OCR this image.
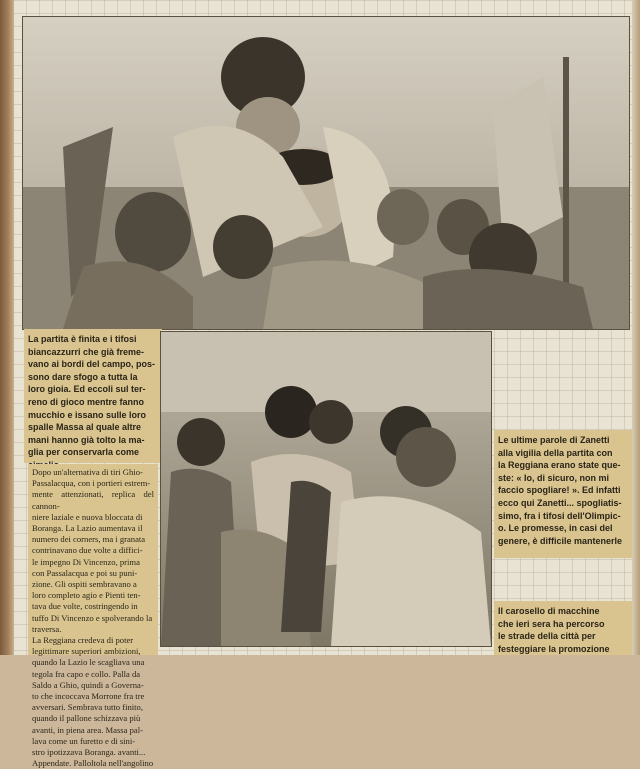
La partita è finita e i tifosi
biancazzurri che già freme-
vano ai bordi del campo, pos-
sono dare sfogo a tutta la
loro gioia. Ed eccoli sul ter-
reno di gioco mentre fanno
mucchio e issano sulle loro
spalle Massa al quale altre
mani hanno già tolto la ma-
glia per conservarla come

Dopo un'alternativa di tiri Ghio-
Passalacqua, con i portieri estrem-
mente attenzionati, replica del cannon-
niere laziale e nuova bloccata di
Boranga. La Lazio aumentava il
numero dei corners, ma i granata
contrinavano due volte a diffici-
le impegno Di Vincenzo, prima
con Passalacqua e poi su puni-
zione. Gli ospiti sembravano a
loro completo agio e Pienti ten-
tava due volte, costringendo in
tuffo Di Vincenzo e spolverando la
traversa.
La Reggiana credeva di poter
legittimare superiori ambizioni,
quando la Lazio le scagliava una
tegola fra capo e collo. Palla da
Saldo a Ghio, quindi a Governa-
to che incoccava Morrone fra tre
avversari. Sembrava tutto finito,
quando il pallone schizzava più
avanti, in piena area. Massa pal-
lava come un furetto e di sini-
stro ipotizzava Boranga. avanti...
Appendate. Palloltola nell'angolino
Le ultime parole di Zanetti
alla vigilia della partita con
la Reggiana erano state que-
ste: « Io, di sicuro, non mi
faccio spogliare! ». Ed infatti
ecco qui Zanetti... spogliatis-
simo, fra i tifosi dell'Olimpic-
o. Le promesse, in casi del
genere, è difficile mantenerle
Il carosello di macchine
che ieri sera ha percorso
le strade della città per
festeggiare la promozione
